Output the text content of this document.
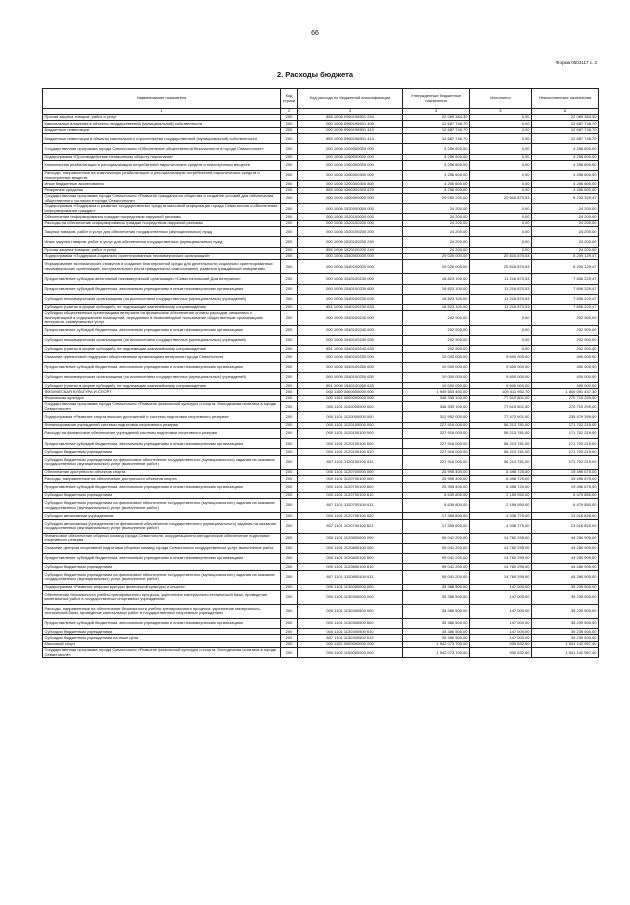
66
Форма 0503117 с. 2
2. Расходы бюджета
Наименование показателя	Код строки	Код расхода по бюджетной классификации	Утвержденные бюджетные назначения	Исполнено	Неисполненные назначения
1	2	3	4	5	6
Прочая закупка товаров, работ и услуг	200	855 1006 0960196501 244	22 069 384,30	0,00	22 069 384,30
Капитальные вложения в объекты государственной (муниципальной) собственности	200	000 1006 0960196501 400	12 687 748,70	0,00	12 687 748,70
Бюджетные инвестиции	200	000 1006 0960196501 410	12 687 748,70	0,00	12 687 748,70
Бюджетные инвестиции в объекты капитального строительства государственной (муниципальной) собственности	200	855 1006 0960196501 414	12 687 748,70	0,00	12 687 748,70
Государственная программа города Севастополя «Обеспечение общественной безопасности в городе Севастополе»	200	000 1006 1200000000 000	4 256 600,00	0,00	4 256 600,00
Подпрограмма «Противодействие незаконному обороту наркотиков»	200	000 1006 1260000000 000	4 256 600,00	0,00	4 256 600,00
Комплексная реабилитация и ресоциализация потребителей наркотических средств и психотропных веществ	200	000 1006 1260300000 000	4 256 600,00	0,00	4 256 600,00
Расходы, направленные на комплексную реабилитацию и ресоциализацию потребителей наркотических средств и психотропных веществ	200	000 1006 1260300300 000	4 256 600,00	0,00	4 256 600,00
Иные бюджетные ассигнования	200	000 1006 1260300300 800	4 256 600,00	0,00	4 256 600,00
Резервные средства	200	855 1006 1260300300 870	4 256 600,00	0,00	4 256 600,00
Государственная программа города Севастополя «Развитие гражданского общества и создание условий для обеспечения общественного согласия в городе Севастополе»	200	000 1006 1500000000 000	29 050 200,00	20 816 870,53	8 233 329,47
Подпрограмма «Поддержка и развитие государственных средств массовой информации города Севастополя и обеспечение информирования граждан»	200	000 1006 1520000000 000	24 200,00	0,00	24 200,00
Обеспечение информирования граждан посредством наружной рекламы	200	000 1006 1520100000 000	24 200,00	0,00	24 200,00
Расходы на обеспечение информирования граждан посредством наружной рекламы	200	000 1006 1520100200 000	24 200,00	0,00	24 200,00
Закупка товаров, работ и услуг для обеспечения государственных (муниципальных) нужд	200	000 1006 1520100200 200	24 200,00	0,00	24 200,00
Иные закупки товаров, работ и услуг для обеспечения государственных (муниципальных) нужд	200	000 1006 1520100200 240	24 200,00	0,00	24 200,00
Прочая закупка товаров, работ и услуг	200	855 1006 1520100200 244	24 200,00	0,00	24 200,00
Подпрограмма «Поддержка социально ориентированных некоммерческих организаций»	200	000 1006 1540000000 000	29 026 000,00	20 816 870,53	8 209 129,47
Формирование экономических стимулов и создание благоприятной среды для деятельности социально ориентированных некоммерческих организаций, поступательного роста гражданского самосознания, развития гражданской инициативы	200	000 1006 1540100000 000	29 026 000,00	20 816 870,53	8 209 129,47
Предоставление субсидии автономной некоммерческой организации «Севастопольский Дом ветеранов»	200	000 1006 1540100230 000	18 823 100,00	11 216 870,53	7 606 229,47
Предоставление субсидий бюджетным, автономным учреждениям и иным некоммерческим организациям	200	000 1006 1540100230 600	18 823 100,00	11 216 870,53	7 606 229,47
Субсидии некоммерческим организациям (за исключением государственных (муниципальных) учреждений)	200	000 1006 1540100230 630	18 823 100,00	11 216 870,53	7 606 229,47
Субсидии (гранты в форме субсидий), не подлежащие казначейскому сопровождению	200	851 1006 1540100230 633	18 823 100,00	11 216 870,53	7 606 229,47
Субсидии общественным организациям ветеранов на финансовое обеспечение оплаты расходов, связанных с эксплуатацией и содержанием помещений, переданных в безвозмездное пользование общественным организациям ветеранов, коммунальных услуг	200	000 1006 1540100240 000	202 900,00	0,00	202 900,00
Предоставление субсидий бюджетным, автономным учреждениям и иным некоммерческим организациям	200	000 1006 1540100240 600	202 900,00	0,00	202 900,00
Субсидии некоммерческим организациям (за исключением государственных (муниципальных) учреждений)	200	000 1006 1540100240 630	202 900,00	0,00	202 900,00
Субсидии (гранты в форме субсидий), не подлежащие казначейскому сопровождению	200	851 1006 1540100240 633	202 900,00	0,00	202 900,00
Оказание финансовой поддержки общественным организациям ветеранов города Севастополя	200	000 1006 1540100250 000	10 000 000,00	9 600 000,00	400 000,00
Предоставление субсидий бюджетным, автономным учреждениям и иным некоммерческим организациям	200	000 1006 1540100250 600	10 000 000,00	9 600 000,00	400 000,00
Субсидии некоммерческим организациям (за исключением государственных (муниципальных) учреждений)	200	000 1006 1540100250 630	10 000 000,00	9 600 000,00	400 000,00
Субсидии (гранты в форме субсидий), не подлежащие казначейскому сопровождению	200	851 1006 1540100250 633	10 000 000,00	9 600 000,00	400 000,00
ФИЗИЧЕСКАЯ КУЛЬТУРА И СПОРТ	200	000 1100 0000000000 000	1 949 503 450,00	109 411 952,70	1 840 091 447,30
Физическая культура	200	000 1101 0000000000 000	348 339 100,00	77 619 801,00	270 719 299,00
Государственная программа города Севастополя «Развитие физической культуры и спорта. Молодежная политика в городе Севастополе»	200	000 1101 1100000000 000	348 339 100,00	77 619 801,00	270 719 299,00
Подпрограмма «Развитие спорта высших достижений и системы подготовки спортивного резерва»	200	000 1101 1120000000 000	312 952 000,00	77 472 601,00	235 479 399,00
Финансирование учреждений системы подготовки спортивного резерва	200	000 1101 1120100000 000	227 916 000,00	56 213 781,00	171 702 219,00
Расходы на финансовое обеспечение учреждений системы подготовки спортивного резерва	200	000 1101 1120100100 000	227 916 000,00	56 213 781,00	171 702 219,00
Предоставление субсидий бюджетным, автономным учреждениям и иным некоммерческим организациям	200	000 1101 1120100100 600	227 916 000,00	56 213 781,00	171 702 219,00
Субсидии бюджетным учреждениям	200	000 1101 1120100100 610	227 916 000,00	56 213 781,00	171 702 219,00
Субсидии бюджетным учреждениям на финансовое обеспечение государственного (муниципального) задания на оказание государственных (муниципальных) услуг (выполнение работ)	200	807 1101 1120100100 611	227 916 000,00	56 213 781,00	171 702 219,00
Обеспечение доступности объектов спорта	200	000 1101 1120700000 000	25 995 400,00	6 498 725,00	19 496 675,00
Расходы, направленные на обеспечение доступности объектов спорта	200	000 1101 1120700100 000	25 995 400,00	6 498 725,00	19 496 675,00
Предоставление субсидий бюджетным, автономным учреждениям и иным некоммерческим организациям	200	000 1101 1120700100 600	25 995 400,00	6 498 725,00	19 496 675,00
Субсидии бюджетным учреждениям	200	000 1101 1120700100 610	8 639 800,00	2 159 950,00	6 479 850,00
Субсидии бюджетным учреждениям на финансовое обеспечение государственного (муниципального) задания на оказание государственных (муниципальных) услуг (выполнение работ)	200	807 1101 1120700100 611	8 639 800,00	2 159 950,00	6 479 850,00
Субсидии автономным учреждениям	200	000 1101 1120700100 620	17 355 600,00	4 338 775,00	13 016 825,00
Субсидии автономным учреждениям на финансовое обеспечение государственного (муниципального) задания на оказание государственных (муниципальных) услуг (выполнение работ)	200	807 1101 1120700100 621	17 355 600,00	4 338 775,00	13 016 825,00
Финансовое обеспечение сборных команд города Севастополя, координационно-методическое обеспечение подготовки спортивного резерва	200	000 1101 1120800000 000	59 041 200,00	14 760 295,00	44 280 905,00
Оказание центром спортивной подготовки сборных команд города Севастополя государственных услуг, выполнение работ	200	000 1101 1120800100 000	59 041 200,00	14 760 295,00	44 280 905,00
Предоставление субсидий бюджетным, автономным учреждениям и иным некоммерческим организациям	200	000 1101 1120800100 600	59 041 200,00	14 760 295,00	44 280 905,00
Субсидии бюджетным учреждениям	200	000 1101 1120800100 610	59 041 200,00	14 760 295,00	44 280 905,00
Субсидии бюджетным учреждениям на финансовое обеспечение государственного (муниципального) задания на оказание государственных (муниципальных) услуг (выполнение работ)	200	807 1101 1120800100 611	59 041 200,00	14 760 295,00	44 280 905,00
Подпрограмма «Развитие инфраструктуры физической культуры и спорта»	200	000 1101 1130000000 000	35 386 500,00	147 000,00	35 239 500,00
Обеспечение безопасности учебно-тренировочного процесса, укрепление материально-технической базы, проведение капитальных работ в государственных спортивных учреждениях	200	000 1101 1130300000 000	35 386 500,00	147 000,00	35 239 500,00
Расходы, направленные на обеспечение безопасности учебно-тренировочного процесса, укрепление материально-технической базы, проведение капитальных работ в государственных спортивных учреждениях	200	000 1101 1130300500 000	35 386 500,00	147 000,00	35 239 500,00
Предоставление субсидий бюджетным, автономным учреждениям и иным некоммерческим организациям	200	000 1101 1130300500 600	35 386 500,00	147 000,00	35 239 500,00
Субсидии бюджетным учреждениям	200	000 1101 1130300500 610	35 386 500,00	147 000,00	35 239 500,00
Субсидии бюджетным учреждениям на иные цели	200	807 1101 1130300500 612	35 386 500,00	147 000,00	35 239 500,00
Массовый спорт	200	000 1102 0000000000 000	1 542 073 700,00	930 632,60	1 541 142 967,40
Государственная программа города Севастополя «Развитие физической культуры и спорта. Молодежная политика в городе Севастополе»	200	000 1102 1100000000 000	1 542 073 700,00	930 632,60	1 541 142 967,40
